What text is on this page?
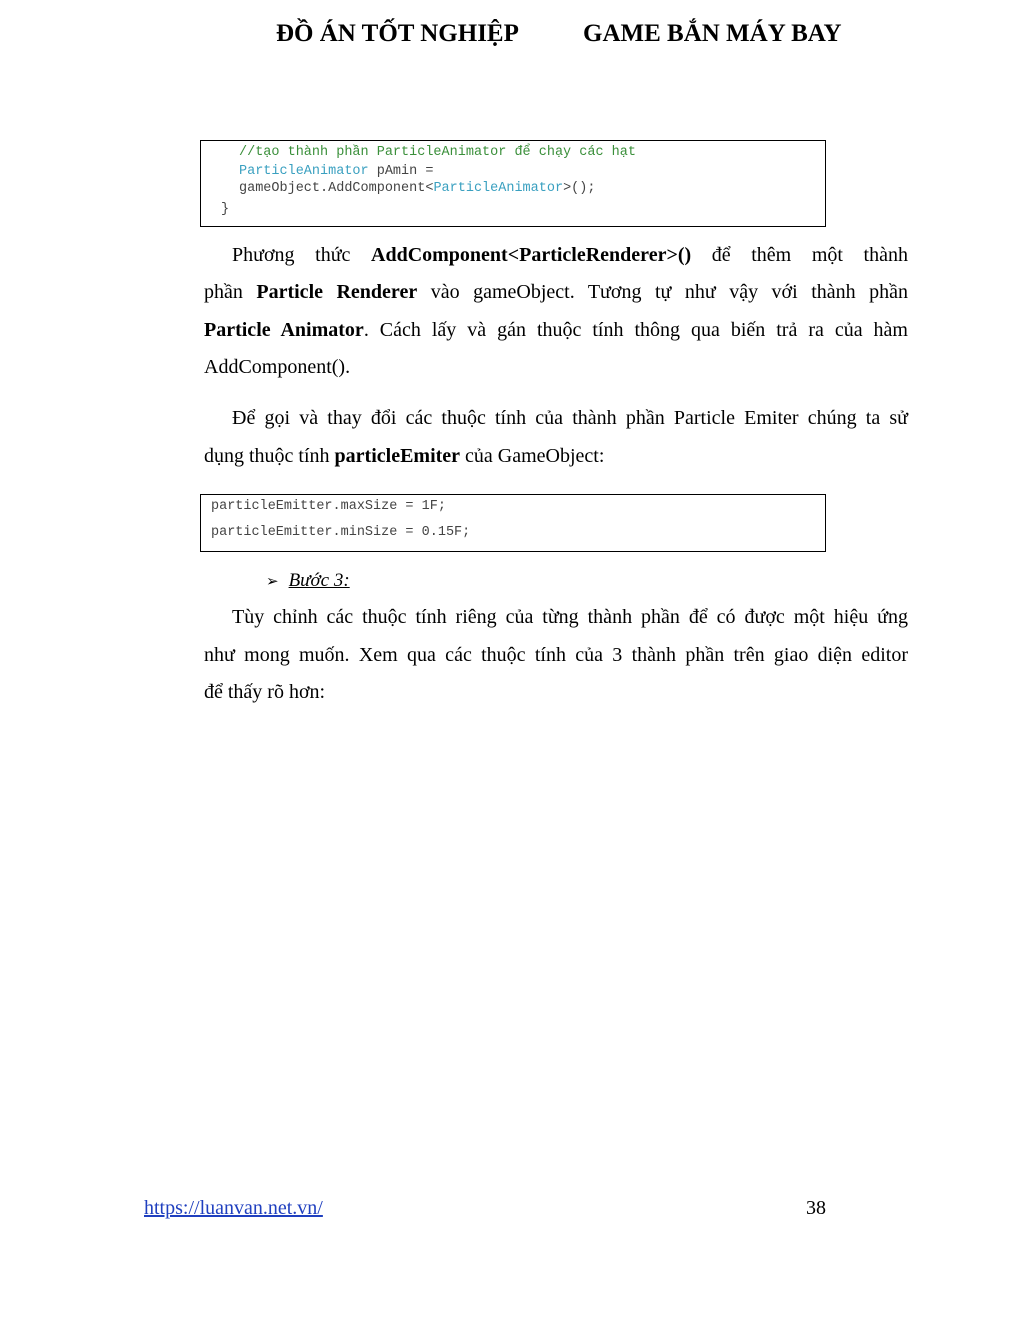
ĐỒ ÁN TỐT NGHIỆP	GAME BẮN MÁY BAY
//tạo thành phần ParticleAnimator để chạy các hạt
ParticleAnimator pAmin =
gameObject.AddComponent<ParticleAnimator>();
}
Phương thức AddComponent<ParticleRenderer>() để thêm một thành
phần Particle Renderer vào gameObject. Tương tự như vậy với thành phần
Particle Animator. Cách lấy và gán thuộc tính thông qua biến trả ra của hàm
AddComponent().
Để gọi và thay đổi các thuộc tính của thành phần Particle Emiter chúng ta sử
dụng thuộc tính particleEmiter của GameObject:
particleEmitter.maxSize = 1F;
particleEmitter.minSize = 0.15F;
➢ Bước 3:
Tùy chỉnh các thuộc tính riêng của từng thành phần để có được một hiệu ứng
như mong muốn. Xem qua các thuộc tính của 3 thành phần trên giao diện editor
để thấy rõ hơn:
https://luanvan.net.vn/	38
